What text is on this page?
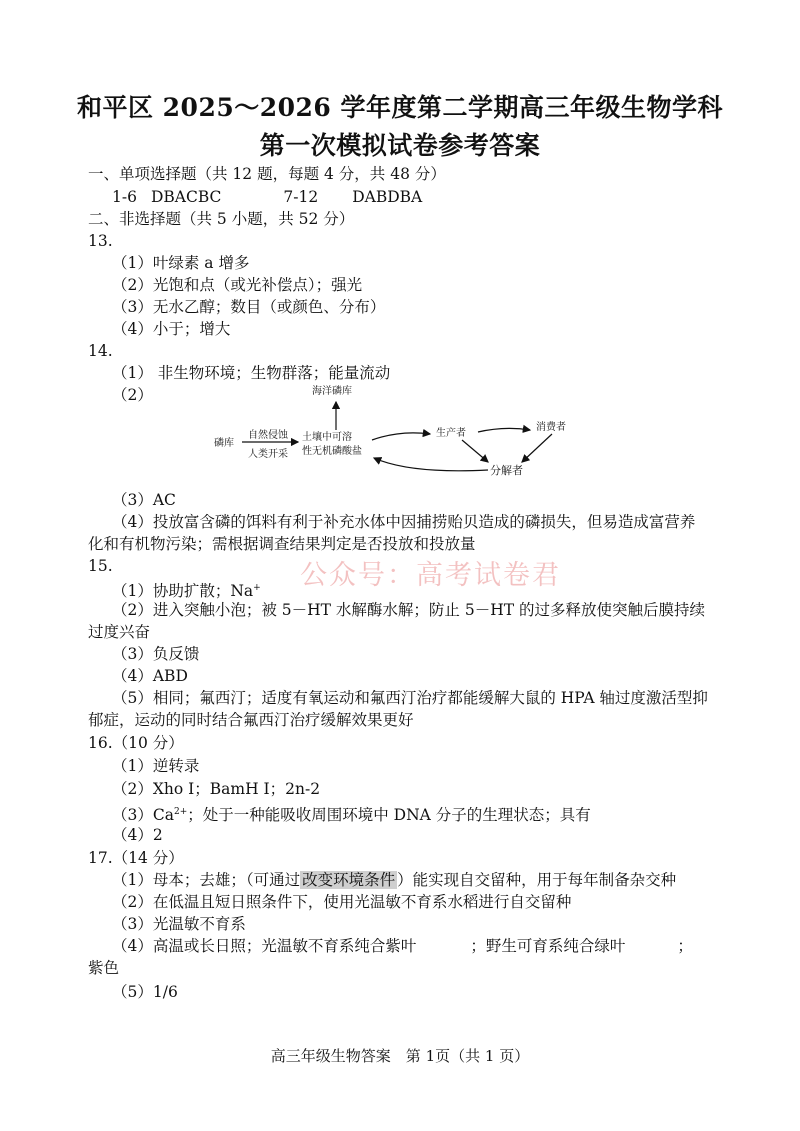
和平区 2025～2026 学年度第二学期高三年级生物学科
第一次模拟试卷参考答案
一、单项选择题（共 12 题，每题 4 分，共 48 分）
1-6 DBACBC	7-12 DABDBA
二、非选择题（共 5 小题，共 52 分）
13.
（1）叶绿素 a 增多
（2）光饱和点（或光补偿点）；强光
（3）无水乙醇；数目（或颜色、分布）
（4）小于；增大
14.
（1） 非生物环境；生物群落；能量流动
（2）	海洋磷库
磷库
自然侵蚀
人类开采
土壤中可溶
性无机磷酸盐
生产者
消费者
分解者
（3）AC
（4）投放富含磷的饵料有利于补充水体中因捕捞贻贝造成的磷损失，但易造成富营养
化和有机物污染；需根据调查结果判定是否投放和投放量
公众号：高考试卷君
15.
（1）协助扩散；Na+
（2）进入突触小泡；被 5－HT 水解酶水解；防止 5－HT 的过多释放使突触后膜持续
过度兴奋
（3）负反馈
（4）ABD
（5）相同；氟西汀；适度有氧运动和氟西汀治疗都能缓解大鼠的 HPA 轴过度激活型抑
郁症，运动的同时结合氟西汀治疗缓解效果更好
16.（10 分）
（1）逆转录
（2）Xho Ⅰ；BamH Ⅰ；2n-2
$(3)Ca^{2+}$；处于一种能吸收周围环境中 DNA 分子的生理状态；具有
（4）2
17.（14 分）
（1）母本；去雄；（可通过 改变环境条件 ）能实现自交留种，用于每年制备杂交种
（2）在低温且短日照条件下，使用光温敏不育系水稻进行自交留种
（3）光温敏不育系
（4）高温或长日照；光温敏不育系纯合紫叶	；野生可育系纯合绿叶	；
紫色
（5）1/6
高三年级生物答案　第 1页（共 1 页）
